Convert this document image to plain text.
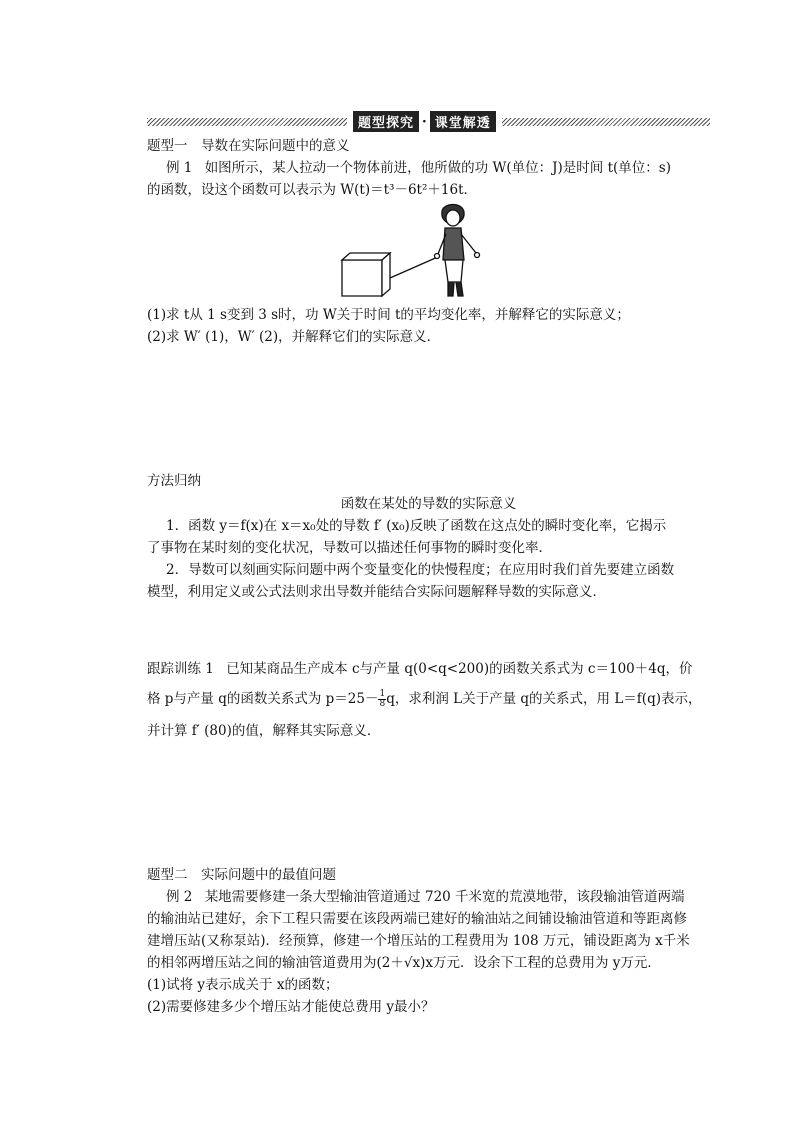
题型探究 · 课堂解透
题型一　导数在实际问题中的意义
例 1 如图所示，某人拉动一个物体前进，他所做的功 W(单位：J)是时间 t(单位：s)
的函数，设这个函数可以表示为 W(t)＝t³－6t²＋16t．
(1)求 t从 1 s变到 3 s时，功 W关于时间 t的平均变化率，并解释它的实际意义；
(2)求 W′ (1)，W′ (2)，并解释它们的实际意义．
方法归纳
函数在某处的导数的实际意义
1．函数 y＝f(x)在 x＝x₀处的导数 f′ (x₀)反映了函数在这点处的瞬时变化率，它揭示
了事物在某时刻的变化状况，导数可以描述任何事物的瞬时变化率．
2．导数可以刻画实际问题中两个变量变化的快慢程度；在应用时我们首先要建立函数
模型，利用定义或公式法则求出导数并能结合实际问题解释导数的实际意义．
跟踪训练 1 已知某商品生产成本 c与产量 q(0<q<200)的函数关系式为 c＝100＋4q，价
格 p与产量 q的函数关系式为 $p=25- \frac{1}{8}$ q，求利润 L关于产量 q的关系式，用 L＝f(q)表示，
并计算 f′ (80)的值，解释其实际意义．
题型二　实际问题中的最值问题
例 2 某地需要修建一条大型输油管道通过 720 千米宽的荒漠地带，该段输油管道两端
的输油站已建好，余下工程只需要在该段两端已建好的输油站之间铺设输油管道和等距离修
建增压站(又称泵站)．经预算，修建一个增压站的工程费用为 108 万元，铺设距离为 x千米
的相邻两增压站之间的输油管道费用为(2＋√x)x万元．设余下工程的总费用为 y万元．
(1)试将 y表示成关于 x的函数；
(2)需要修建多少个增压站才能使总费用 y最小？
